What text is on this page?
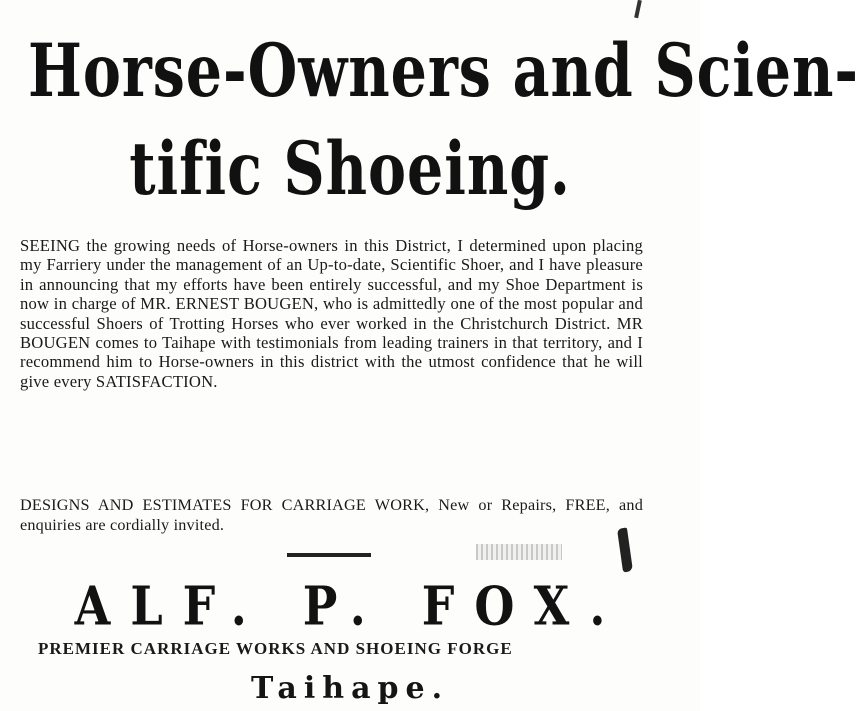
Horse-Owners and Scien-
tific Shoeing.

SEEING the growing needs of Horse-owners in this District, I determined upon placing my Farriery under the management of an Up-to-date, Scientific Shoer, and I have pleasure in announcing that my efforts have been entirely successful, and my Shoe Department is now in charge of MR. ERNEST BOUGEN, who is admittedly one of the most popular and successful Shoers of Trotting Horses who ever worked in the Christchurch District. MR BOUGEN comes to Taihape with testimonials from leading trainers in that territory, and I recommend him to Horse-owners in this district with the utmost confidence that he will give every SATISFACTION.

DESIGNS AND ESTIMATES FOR CARRIAGE WORK, New or Repairs, FREE, and enquiries are cordially invited.

ALF. P. FOX.
PREMIER CARRIAGE WORKS AND SHOEING FORGE
Taihape.
